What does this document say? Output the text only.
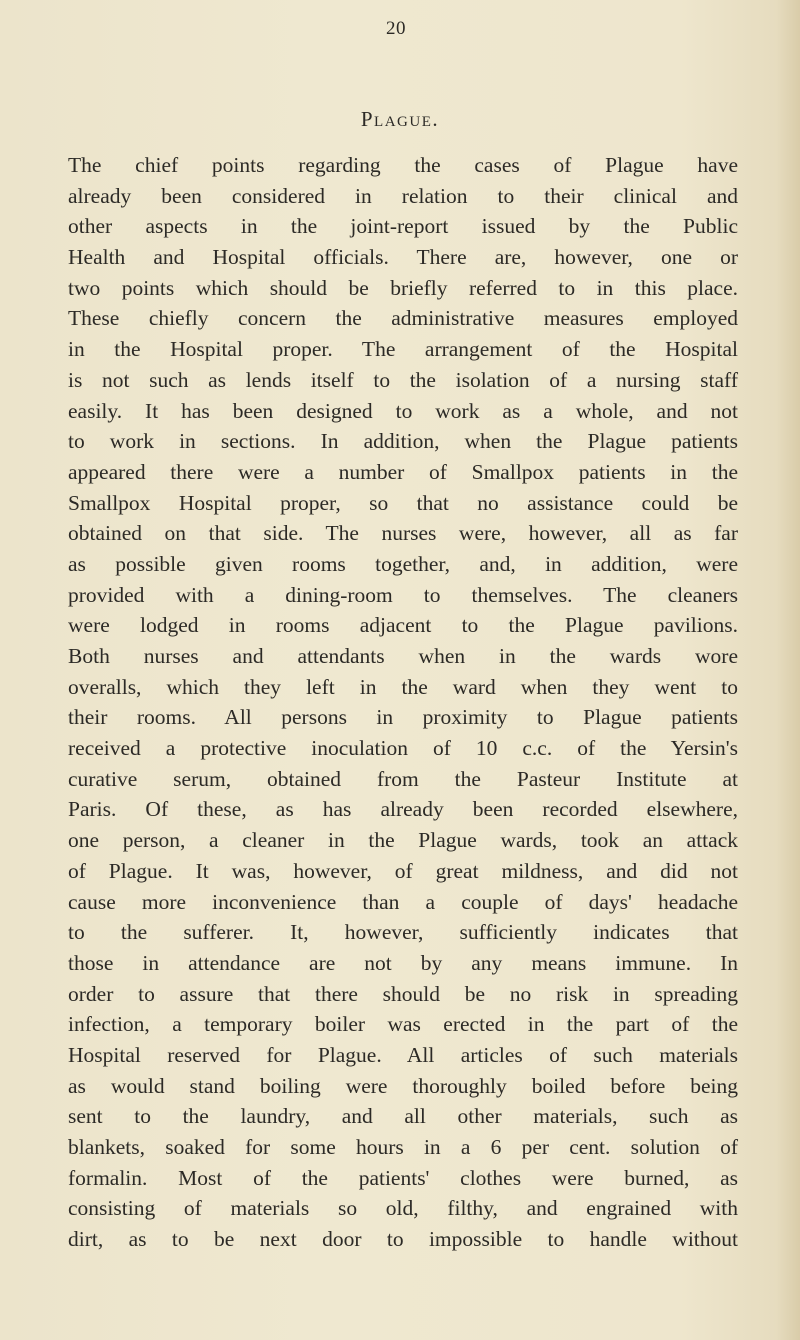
20
Plague.
The chief points regarding the cases of Plague have
already been considered in relation to their clinical and
other aspects in the joint-report issued by the Public
Health and Hospital officials. There are, however, one or
two points which should be briefly referred to in this place.
These chiefly concern the administrative measures employed
in the Hospital proper. The arrangement of the Hospital
is not such as lends itself to the isolation of a nursing staff
easily. It has been designed to work as a whole, and not
to work in sections. In addition, when the Plague patients
appeared there were a number of Smallpox patients in the
Smallpox Hospital proper, so that no assistance could be
obtained on that side. The nurses were, however, all as far
as possible given rooms together, and, in addition, were
provided with a dining-room to themselves. The cleaners
were lodged in rooms adjacent to the Plague pavilions.
Both nurses and attendants when in the wards wore
overalls, which they left in the ward when they went to
their rooms. All persons in proximity to Plague patients
received a protective inoculation of 10 c.c. of the Yersin's
curative serum, obtained from the Pasteur Institute at
Paris. Of these, as has already been recorded elsewhere,
one person, a cleaner in the Plague wards, took an attack
of Plague. It was, however, of great mildness, and did not
cause more inconvenience than a couple of days' headache
to the sufferer. It, however, sufficiently indicates that
those in attendance are not by any means immune. In
order to assure that there should be no risk in spreading
infection, a temporary boiler was erected in the part of the
Hospital reserved for Plague. All articles of such materials
as would stand boiling were thoroughly boiled before being
sent to the laundry, and all other materials, such as
blankets, soaked for some hours in a 6 per cent. solution of
formalin. Most of the patients' clothes were burned, as
consisting of materials so old, filthy, and engrained with
dirt, as to be next door to impossible to handle without
